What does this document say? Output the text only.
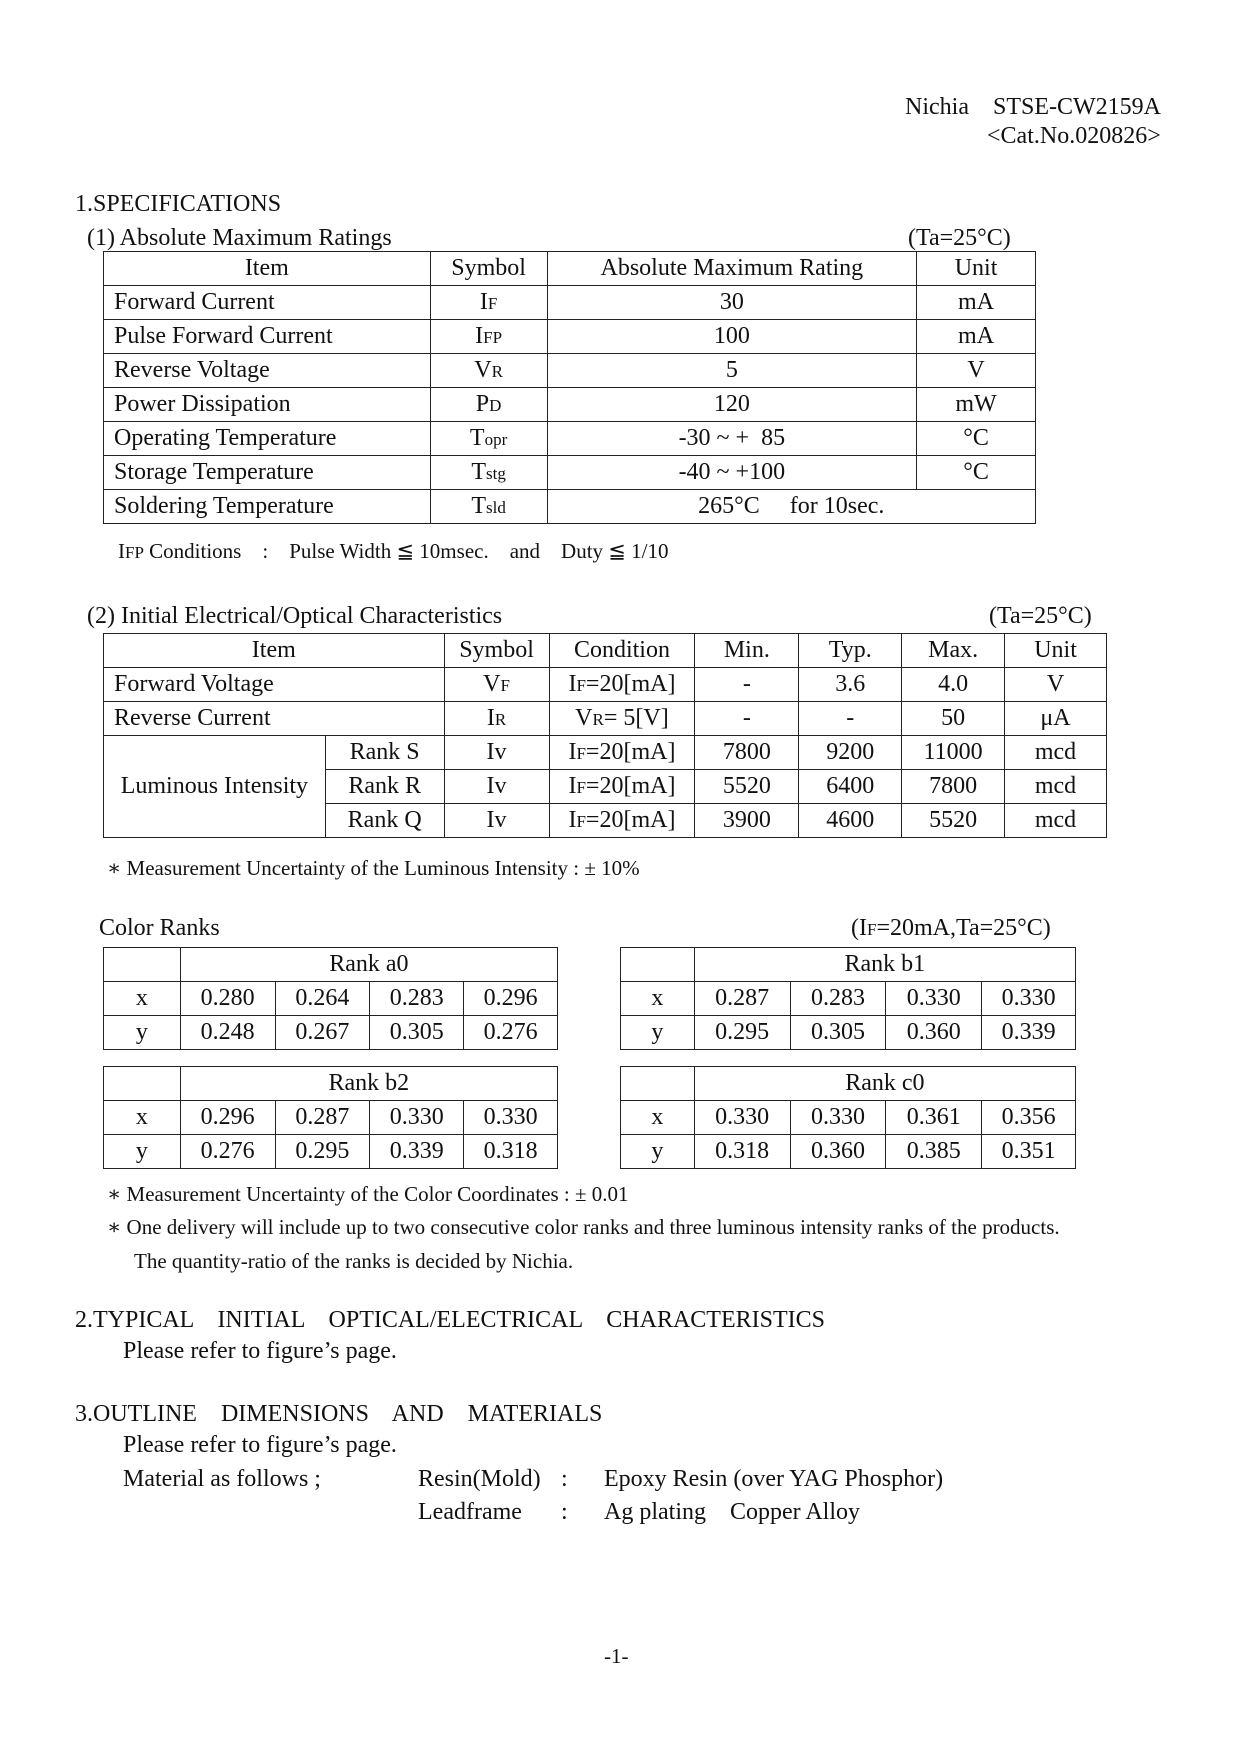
Nichia STSE-CW2159A
<Cat.No.020826>
1.SPECIFICATIONS
(1) Absolute Maximum Ratings	(Ta=25°C)
Item	Symbol	Absolute Maximum Rating	Unit
Forward Current	IF	30	mA
Pulse Forward Current	IFP	100	mA
Reverse Voltage	VR	5	V
Power Dissipation	PD	120	mW
Operating Temperature	Topr	-30 ~ +  85	°C
Storage Temperature	Tstg	-40 ~ +100	°C
Soldering Temperature	Tsld	265°C     for 10sec.	
IFP Conditions    :    Pulse Width ≦ 10msec.    and    Duty ≦ 1/10
(2) Initial Electrical/Optical Characteristics	(Ta=25°C)
Item		Symbol	Condition	Min.	Typ.	Max.	Unit
Forward Voltage		VF	IF=20[mA]	-	3.6	4.0	V
Reverse Current		IR	VR= 5[V]	-	-	50	μA
Luminous Intensity	Rank S	Iv	IF=20[mA]	7800	9200	11000	mcd
	Rank R	Iv	IF=20[mA]	5520	6400	7800	mcd
	Rank Q	Iv	IF=20[mA]	3900	4600	5520	mcd
∗ Measurement Uncertainty of the Luminous Intensity : ± 10%
Color Ranks	(IF=20mA,Ta=25°C)
	Rank a0			
x	0.280	0.264	0.283	0.296
y	0.248	0.267	0.305	0.276
	Rank b1			
x	0.287	0.283	0.330	0.330
y	0.295	0.305	0.360	0.339
	Rank b2			
x	0.296	0.287	0.330	0.330
y	0.276	0.295	0.339	0.318
	Rank c0			
x	0.330	0.330	0.361	0.356
y	0.318	0.360	0.385	0.351
∗ Measurement Uncertainty of the Color Coordinates : ± 0.01
∗ One delivery will include up to two consecutive color ranks and three luminous intensity ranks of the products.
The quantity-ratio of the ranks is decided by Nichia.
2.TYPICAL    INITIAL    OPTICAL/ELECTRICAL    CHARACTERISTICS
Please refer to figure’s page.
3.OUTLINE    DIMENSIONS    AND    MATERIALS
Please refer to figure’s page.
Material as follows ;	Resin(Mold) : Epoxy Resin (over YAG Phosphor)
Leadframe : Ag plating    Copper Alloy
-1-
